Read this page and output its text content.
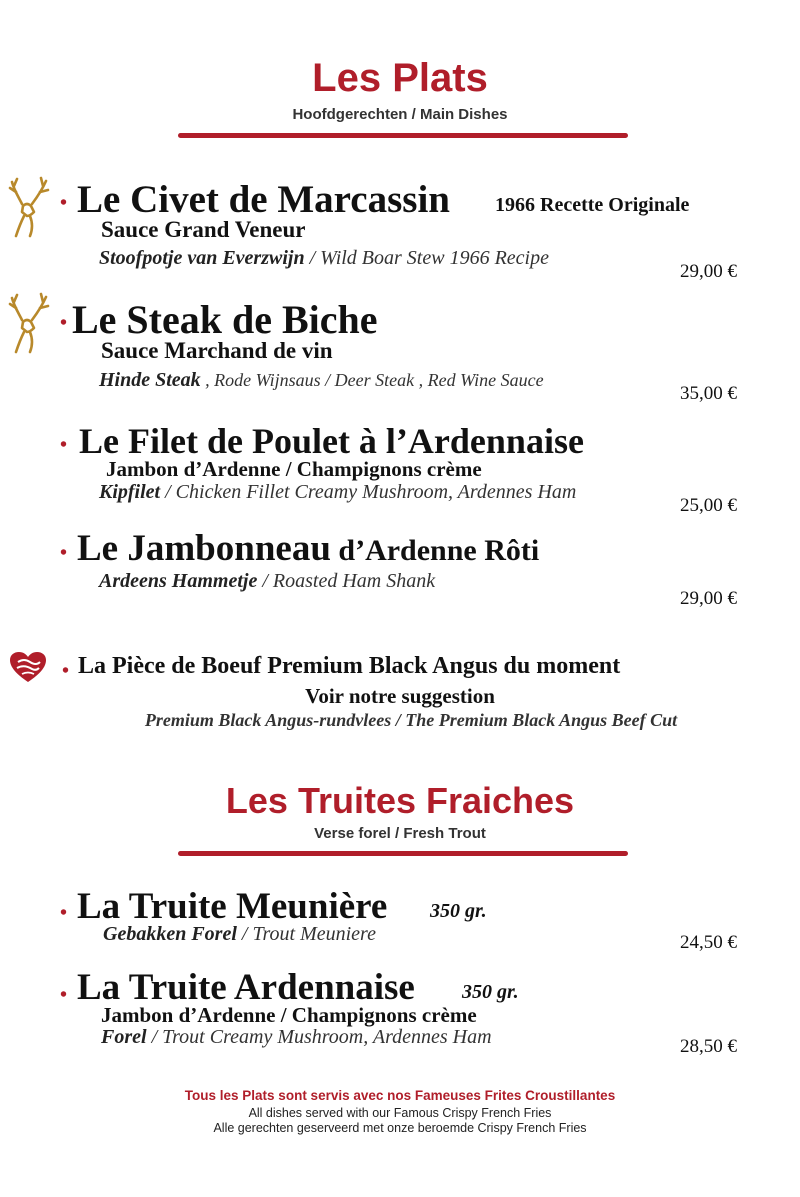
Les Plats
Hoofdgerechten / Main Dishes
• Le Civet de Marcassin 1966 Recette Originale
Sauce Grand Veneur
Stoofpotje van Everzwijn / Wild Boar Stew 1966 Recipe
29,00 €
• Le Steak de Biche
Sauce Marchand de vin
Hinde Steak , Rode Wijnsaus / Deer Steak , Red Wine Sauce
35,00 €
• Le Filet de Poulet à l’Ardennaise
Jambon d’Ardenne / Champignons crème
Kipfilet / Chicken Fillet Creamy Mushroom, Ardennes Ham
25,00 €
• Le Jambonneau d’Ardenne Rôti
Ardeens Hammetje / Roasted Ham Shank
29,00 €
• La Pièce de Boeuf Premium Black Angus du moment
Voir notre suggestion
Premium Black Angus-rundvlees / The Premium Black Angus Beef Cut
Les Truites Fraiches
Verse forel / Fresh Trout
• La Truite Meunière 350 gr.
Gebakken Forel / Trout Meuniere	24,50 €
• La Truite Ardennaise 350 gr.
Jambon d’Ardenne / Champignons crème
Forel / Trout Creamy Mushroom, Ardennes Ham	28,50 €
Tous les Plats sont servis avec nos Fameuses Frites Croustillantes
All dishes served with our Famous Crispy French Fries
Alle gerechten geserveerd met onze beroemde Crispy French Fries
